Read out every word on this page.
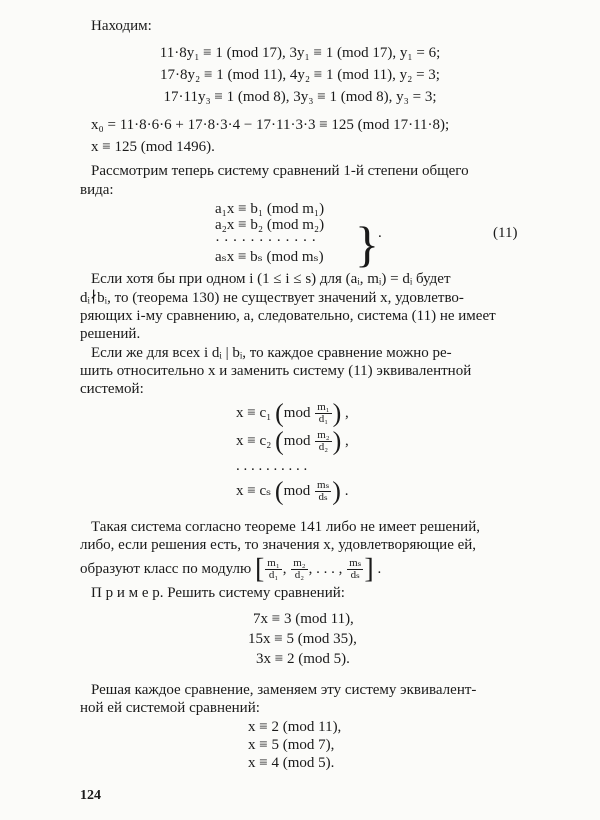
Находим:
11·8y₁ ≡ 1 (mod 17), 3y₁ ≡ 1 (mod 17), y₁ = 6;
17·8y₂ ≡ 1 (mod 11), 4y₂ ≡ 1 (mod 11), y₂ = 3;
17·11y₃ ≡ 1 (mod 8), 3y₃ ≡ 1 (mod 8), y₃ = 3;
x₀ = 11·8·6·6 + 17·8·3·4 − 17·11·3·3 ≡ 125 (mod 17·11·8);
x ≡ 125 (mod 1496).
Рассмотрим теперь систему сравнений 1-й степени общего
вида:
a₁x ≡ b₁ (mod m₁)
a₂x ≡ b₂ (mod m₂)
· · · · · · · · · · · ·
aₛx ≡ bₛ (mod mₛ) } .	(11)
Если хотя бы при одном i (1 ≤ i ≤ s) для (aᵢ, mᵢ) = dᵢ будет
dᵢ∤bᵢ, то (теорема 130) не существует значений x, удовлетво-
ряющих i-му сравнению, а, следовательно, система (11) не имеет
решений.
Если же для всех i dᵢ | bᵢ, то каждое сравнение можно ре-
шить относительно x и заменить систему (11) эквивалентной
системой:
x ≡ c₁ ($mod \frac{\text{m₁}}{\text{d₁}}$ ) ,
x ≡ c₂ ($mod \frac{\text{m₂}}{\text{d₂}}$ ) ,
. . . . . . . . . .
x ≡ cₛ ($mod \frac{\text{mₛ}}{\text{dₛ}}$ ) .
Такая система согласно теореме 141 либо не имеет решений,
либо, если решения есть, то значения x, удовлетворяющие ей,
образуют класс по модулю [ $\frac{\text{m₁}}{\text{d₁}}$ , $\frac{\text{m₂}}{\text{d₂}}$ , . . . , $\frac{\text{mₛ}}{\text{dₛ}}$ ] .
П р и м е р. Решить систему сравнений:
7x ≡ 3 (mod 11),
15x ≡ 5 (mod 35),
3x ≡ 2 (mod 5).
Решая каждое сравнение, заменяем эту систему эквивалент-
ной ей системой сравнений:
x ≡ 2 (mod 11),
x ≡ 5 (mod 7),
x ≡ 4 (mod 5).
124
